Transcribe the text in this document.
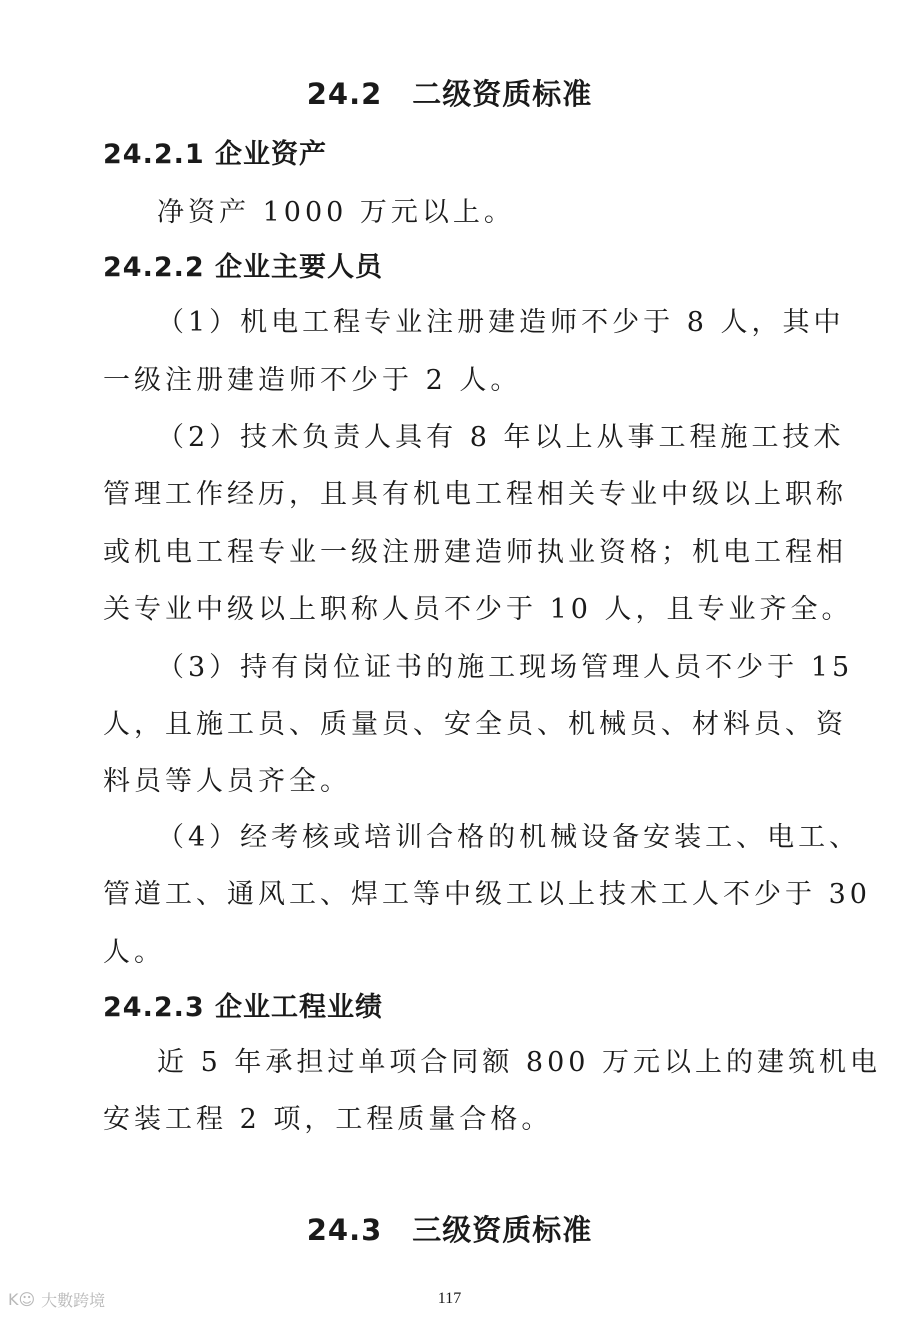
24.2　二级资质标准
24.2.1 企业资产
净资产 1000 万元以上。
24.2.2 企业主要人员
（1）机电工程专业注册建造师不少于 8 人，其中
一级注册建造师不少于 2 人。
（2）技术负责人具有 8 年以上从事工程施工技术
管理工作经历，且具有机电工程相关专业中级以上职称
或机电工程专业一级注册建造师执业资格；机电工程相
关专业中级以上职称人员不少于 10 人，且专业齐全。
（3）持有岗位证书的施工现场管理人员不少于 15
人，且施工员、质量员、安全员、机械员、材料员、资
料员等人员齐全。
（4）经考核或培训合格的机械设备安装工、电工、
管道工、通风工、焊工等中级工以上技术工人不少于 30
人。
24.2.3 企业工程业绩
近 5 年承担过单项合同额 800 万元以上的建筑机电
安装工程 2 项，工程质量合格。
24.3　三级资质标准
117
K☺ 大數跨境
